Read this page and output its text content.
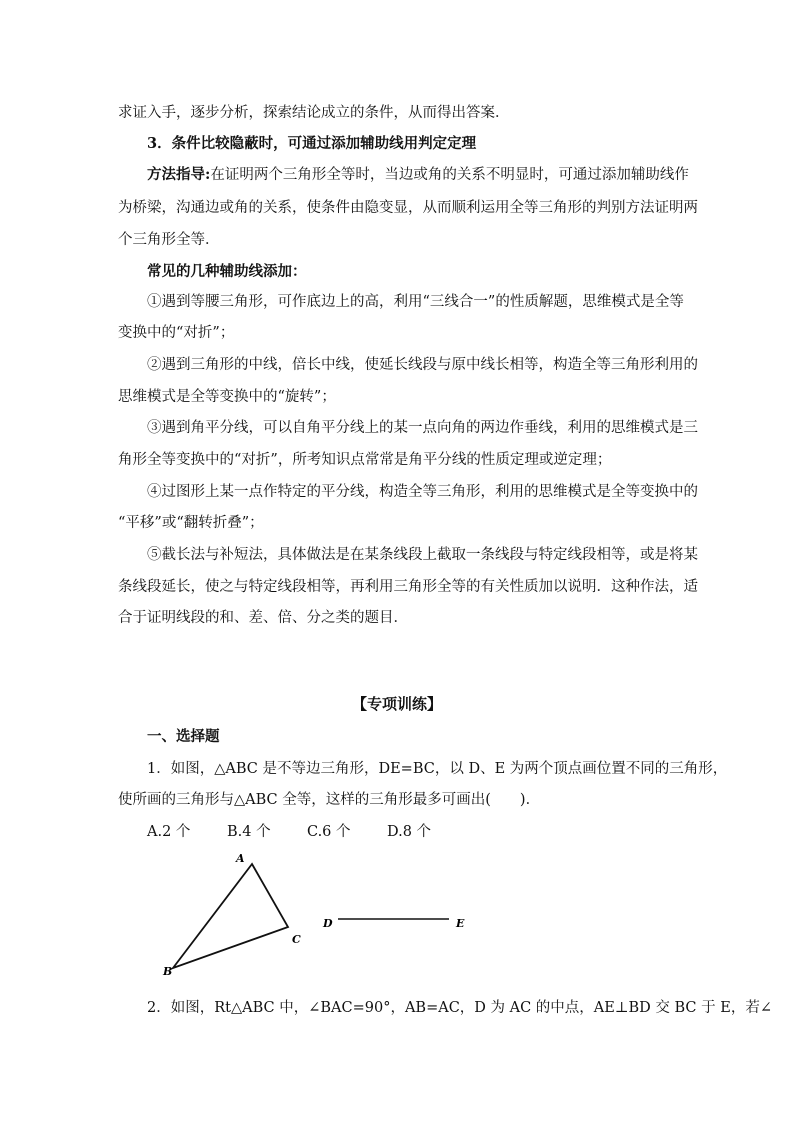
求证入手，逐步分析，探索结论成立的条件，从而得出答案．
3．条件比较隐蔽时，可通过添加辅助线用判定定理
方法指导:在证明两个三角形全等时，当边或角的关系不明显时，可通过添加辅助线作
为桥梁，沟通边或角的关系，使条件由隐变显，从而顺利运用全等三角形的判别方法证明两
个三角形全等．
常见的几种辅助线添加：
①遇到等腰三角形，可作底边上的高，利用“三线合一”的性质解题，思维模式是全等
变换中的“对折”；
②遇到三角形的中线，倍长中线，使延长线段与原中线长相等，构造全等三角形利用的
思维模式是全等变换中的“旋转”；
③遇到角平分线，可以自角平分线上的某一点向角的两边作垂线，利用的思维模式是三
角形全等变换中的“对折”，所考知识点常常是角平分线的性质定理或逆定理；
④过图形上某一点作特定的平分线，构造全等三角形，利用的思维模式是全等变换中的
“平移”或“翻转折叠”；
⑤截长法与补短法，具体做法是在某条线段上截取一条线段与特定线段相等，或是将某
条线段延长，使之与特定线段相等，再利用三角形全等的有关性质加以说明．这种作法，适
合于证明线段的和、差、倍、分之类的题目．
【专项训练】
一、选择题
1．如图，△ABC 是不等边三角形，DE=BC，以 D、E 为两个顶点画位置不同的三角形，
使所画的三角形与△ABC 全等，这样的三角形最多可画出(　　)．
A.2 个	B.4 个	C.6 个	D.8 个
A
B
C
D	E
2．如图，Rt△ABC 中，∠BAC=90°，AB=AC，D 为 AC 的中点，AE⊥BD 交 BC 于 E，若∠
